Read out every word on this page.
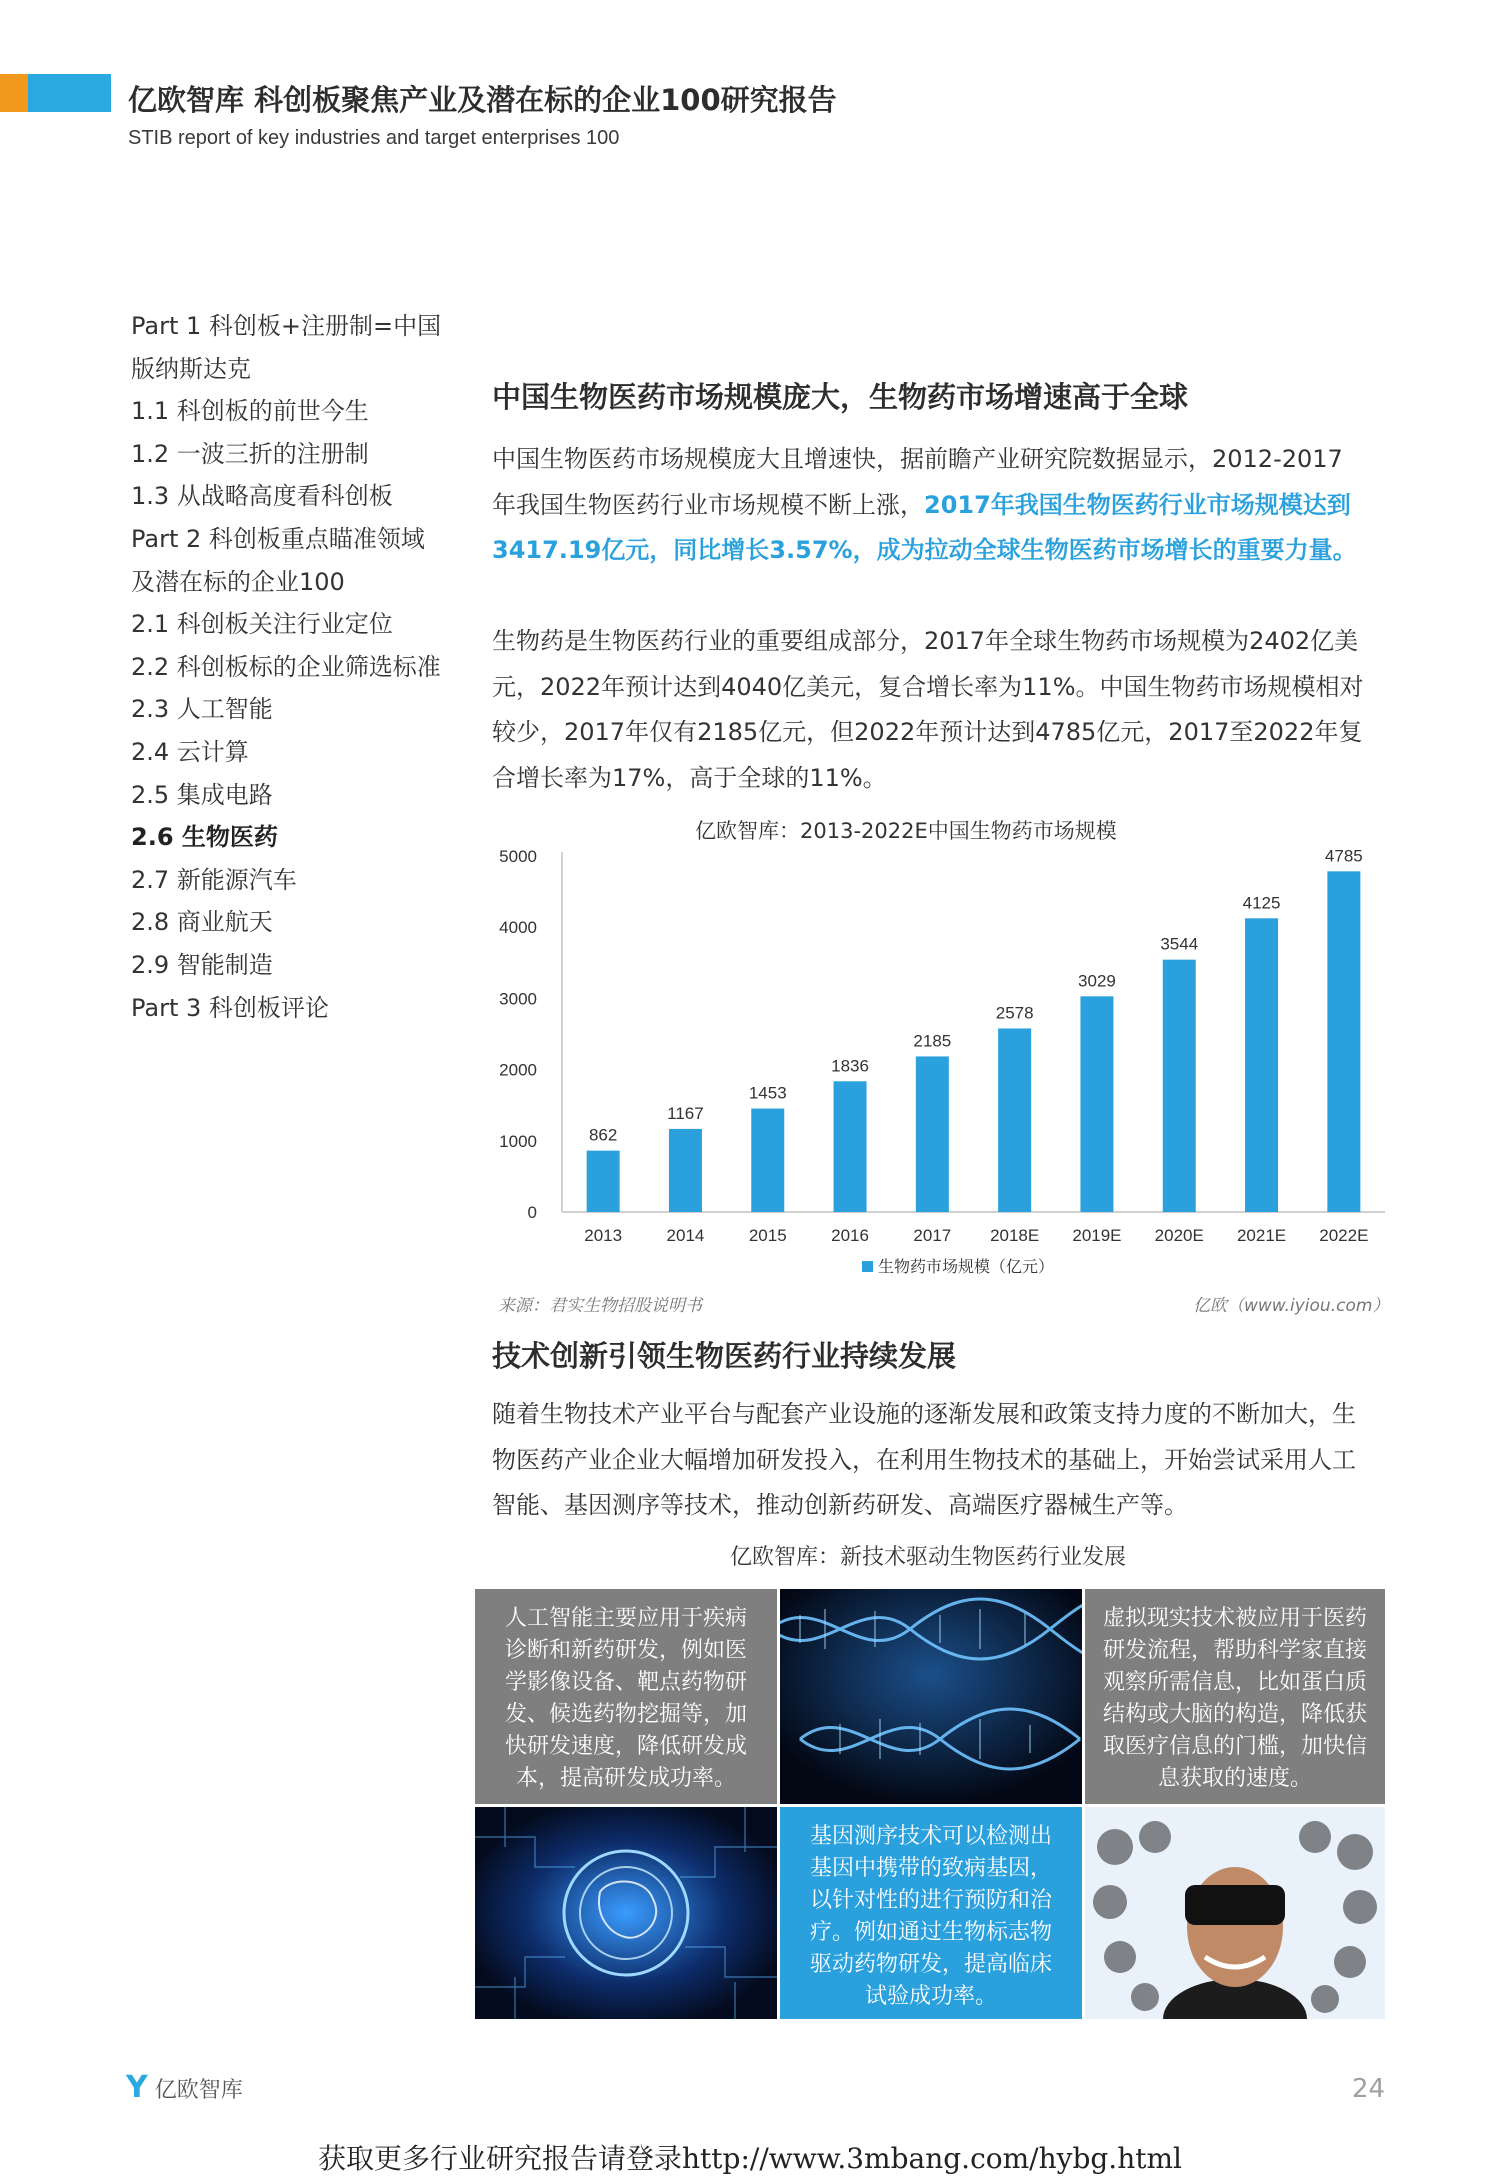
亿欧智库 科创板聚焦产业及潜在标的企业100研究报告
STIB report of key industries and target enterprises 100
Part 1 科创板+注册制=中国
版纳斯达克
1.1 科创板的前世今生
1.2 一波三折的注册制
1.3 从战略高度看科创板
Part 2 科创板重点瞄准领域
及潜在标的企业100
2.1 科创板关注行业定位
2.2 科创板标的企业筛选标准
2.3 人工智能
2.4 云计算
2.5 集成电路
2.6 生物医药
2.7 新能源汽车
2.8 商业航天
2.9 智能制造
Part 3 科创板评论
中国生物医药市场规模庞大，生物药市场增速高于全球
中国生物医药市场规模庞大且增速快，据前瞻产业研究院数据显示，2012-2017年我国生物医药行业市场规模不断上涨，2017年我国生物医药行业市场规模达到3417.19亿元，同比增长3.57%，成为拉动全球生物医药市场增长的重要力量。
生物药是生物医药行业的重要组成部分，2017年全球生物药市场规模为2402亿美元，2022年预计达到4040亿美元，复合增长率为11%。中国生物药市场规模相对较少，2017年仅有2185亿元，但2022年预计达到4785亿元，2017至2022年复合增长率为17%，高于全球的11%。
亿欧智库：2013-2022E中国生物药市场规模
0
1000
2000
3000
4000
5000
862
2013
1167
2014
1453
2015
1836
2016
2185
2017
2578
2018E
3029
2019E
3544
2020E
4125
2021E
4785
2022E
生物药市场规模（亿元）
来源：君实生物招股说明书	亿欧（www.iyiou.com）
技术创新引领生物医药行业持续发展
随着生物技术产业平台与配套产业设施的逐渐发展和政策支持力度的不断加大，生物医药产业企业大幅增加研发投入，在利用生物技术的基础上，开始尝试采用人工智能、基因测序等技术，推动创新药研发、高端医疗器械生产等。
亿欧智库：新技术驱动生物医药行业发展
人工智能主要应用于疾病诊断和新药研发，例如医学影像设备、靶点药物研发、候选药物挖掘等，加快研发速度，降低研发成本，提高研发成功率。
虚拟现实技术被应用于医药研发流程，帮助科学家直接观察所需信息，比如蛋白质结构或大脑的构造，降低获取医疗信息的门槛，加快信息获取的速度。
基因测序技术可以检测出基因中携带的致病基因，以针对性的进行预防和治疗。例如通过生物标志物驱动药物研发，提高临床试验成功率。
Y 亿欧智库	24
获取更多行业研究报告请登录http://www.3mbang.com/hybg.html
